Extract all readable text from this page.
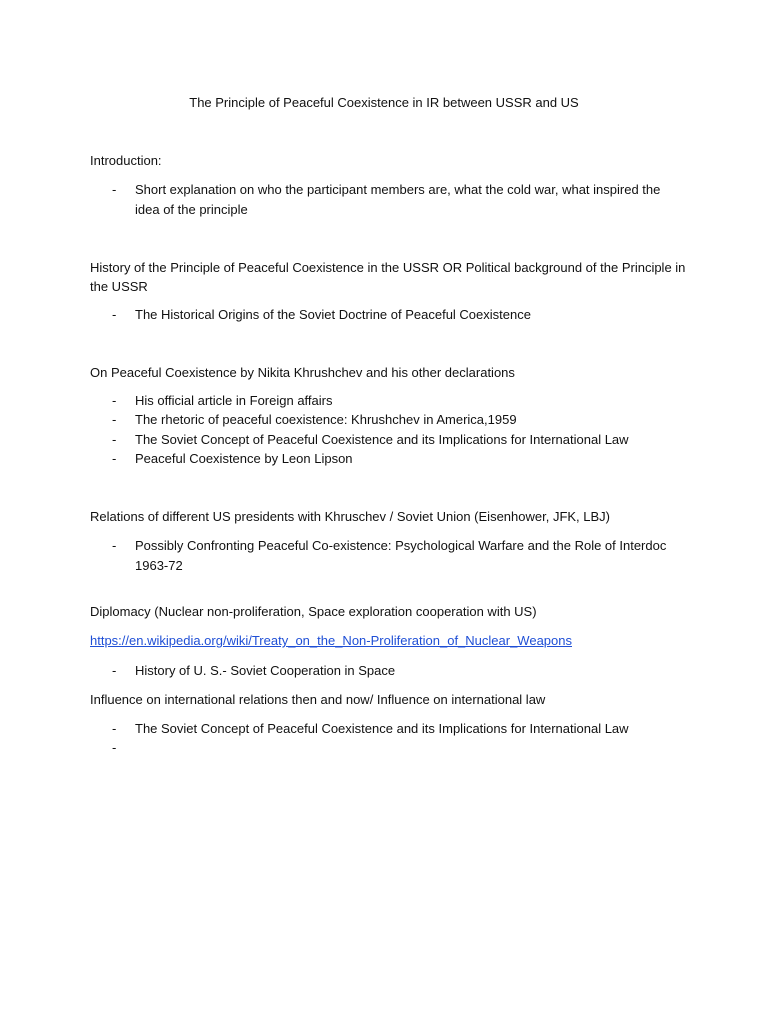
The Principle of Peaceful Coexistence in IR between USSR and US
Introduction:
- Short explanation on who the participant members are, what the cold war, what inspired the idea of the principle
History of the Principle of Peaceful Coexistence in the USSR OR Political background of the Principle in the USSR
- The Historical Origins of the Soviet Doctrine of Peaceful Coexistence
On Peaceful Coexistence by Nikita Khrushchev and his other declarations
- His official article in Foreign affairs
- The rhetoric of peaceful coexistence: Khrushchev in America,1959
- The Soviet Concept of Peaceful Coexistence and its Implications for International Law
- Peaceful Coexistence by Leon Lipson
Relations of different US presidents with Khruschev / Soviet Union (Eisenhower, JFK, LBJ)
- Possibly Confronting Peaceful Co-existence: Psychological Warfare and the Role of Interdoc 1963-72
Diplomacy (Nuclear non-proliferation, Space exploration cooperation with US)
https://en.wikipedia.org/wiki/Treaty_on_the_Non-Proliferation_of_Nuclear_Weapons
- History of U. S.- Soviet Cooperation in Space
Influence on international relations then and now/ Influence on international law
- The Soviet Concept of Peaceful Coexistence and its Implications for International Law
-
